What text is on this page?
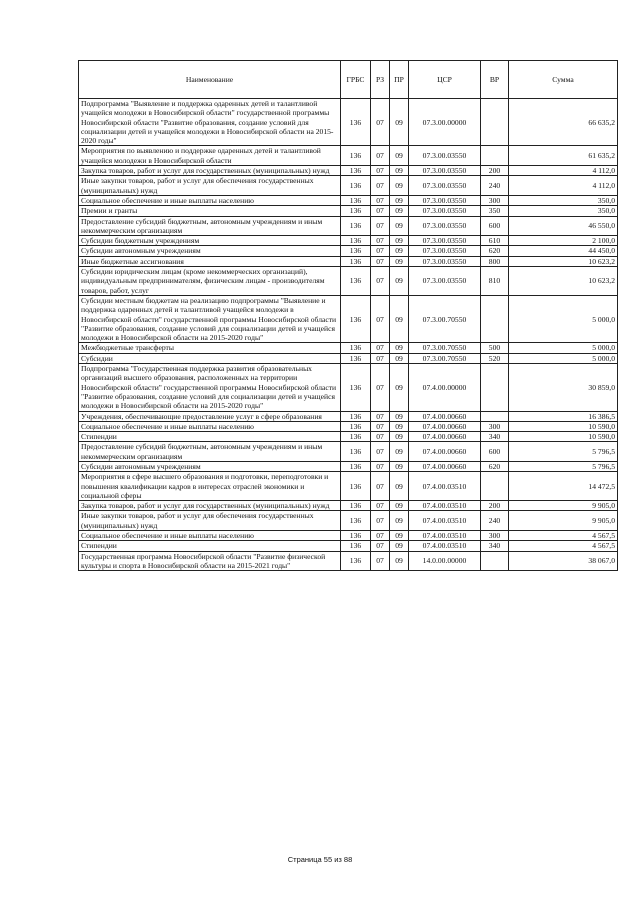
Наименование	ГРБС	РЗ	ПР	ЦСР	ВР	Сумма
Подпрограмма "Выявление и поддержка одаренных детей и талантливой учащейся молодежи в Новосибирской области" государственной программы Новосибирской области "Развитие образования, создание условий для социализации детей и учащейся молодежи в Новосибирской области на 2015-2020 годы"	136	07	09	07.3.00.00000		66 635,2
Мероприятия по выявлению и поддержке одаренных детей и талантливой учащейся молодежи в Новосибирской области	136	07	09	07.3.00.03550		61 635,2
Закупка товаров, работ и услуг для государственных (муниципальных) нужд	136	07	09	07.3.00.03550	200	4 112,0
Иные закупки товаров, работ и услуг для обеспечения государственных (муниципальных) нужд	136	07	09	07.3.00.03550	240	4 112,0
Социальное обеспечение и иные выплаты населению	136	07	09	07.3.00.03550	300	350,0
Премии и гранты	136	07	09	07.3.00.03550	350	350,0
Предоставление субсидий бюджетным, автономным учреждениям и иным некоммерческим организациям	136	07	09	07.3.00.03550	600	46 550,0
Субсидии бюджетным учреждениям	136	07	09	07.3.00.03550	610	2 100,0
Субсидии автономным учреждениям	136	07	09	07.3.00.03550	620	44 450,0
Иные бюджетные ассигнования	136	07	09	07.3.00.03550	800	10 623,2
Субсидии юридическим лицам (кроме некоммерческих организаций), индивидуальным предпринимателям, физическим лицам - производителям товаров, работ, услуг	136	07	09	07.3.00.03550	810	10 623,2
Субсидии местным бюджетам на реализацию подпрограммы "Выявление и поддержка одаренных детей и талантливой учащейся молодежи в Новосибирской области" государственной программы Новосибирской области "Развитие образования, создание условий для социализации детей и учащейся молодежи в Новосибирской области на 2015-2020 годы"	136	07	09	07.3.00.70550		5 000,0
Межбюджетные трансферты	136	07	09	07.3.00.70550	500	5 000,0
Субсидии	136	07	09	07.3.00.70550	520	5 000,0
Подпрограмма "Государственная поддержка развития образовательных организаций высшего образования, расположенных на территории Новосибирской области" государственной программы Новосибирской области "Развитие образования, создание условий для социализации детей и учащейся молодежи в Новосибирской области на 2015-2020 годы"	136	07	09	07.4.00.00000		30 859,0
Учреждения, обеспечивающие предоставление услуг в сфере образования	136	07	09	07.4.00.00660		16 386,5
Социальное обеспечение и иные выплаты населению	136	07	09	07.4.00.00660	300	10 590,0
Стипендии	136	07	09	07.4.00.00660	340	10 590,0
Предоставление субсидий бюджетным, автономным учреждениям и иным некоммерческим организациям	136	07	09	07.4.00.00660	600	5 796,5
Субсидии автономным учреждениям	136	07	09	07.4.00.00660	620	5 796,5
Мероприятия в сфере высшего образования и подготовки, переподготовки и повышения квалификации кадров в интересах отраслей экономики и социальной сферы	136	07	09	07.4.00.03510		14 472,5
Закупка товаров, работ и услуг для государственных (муниципальных) нужд	136	07	09	07.4.00.03510	200	9 905,0
Иные закупки товаров, работ и услуг для обеспечения государственных (муниципальных) нужд	136	07	09	07.4.00.03510	240	9 905,0
Социальное обеспечение и иные выплаты населению	136	07	09	07.4.00.03510	300	4 567,5
Стипендии	136	07	09	07.4.00.03510	340	4 567,5
Государственная программа Новосибирской области "Развитие физической культуры и спорта в Новосибирской области на 2015-2021 годы"	136	07	09	14.0.00.00000		38 067,0
Страница 55 из 88
